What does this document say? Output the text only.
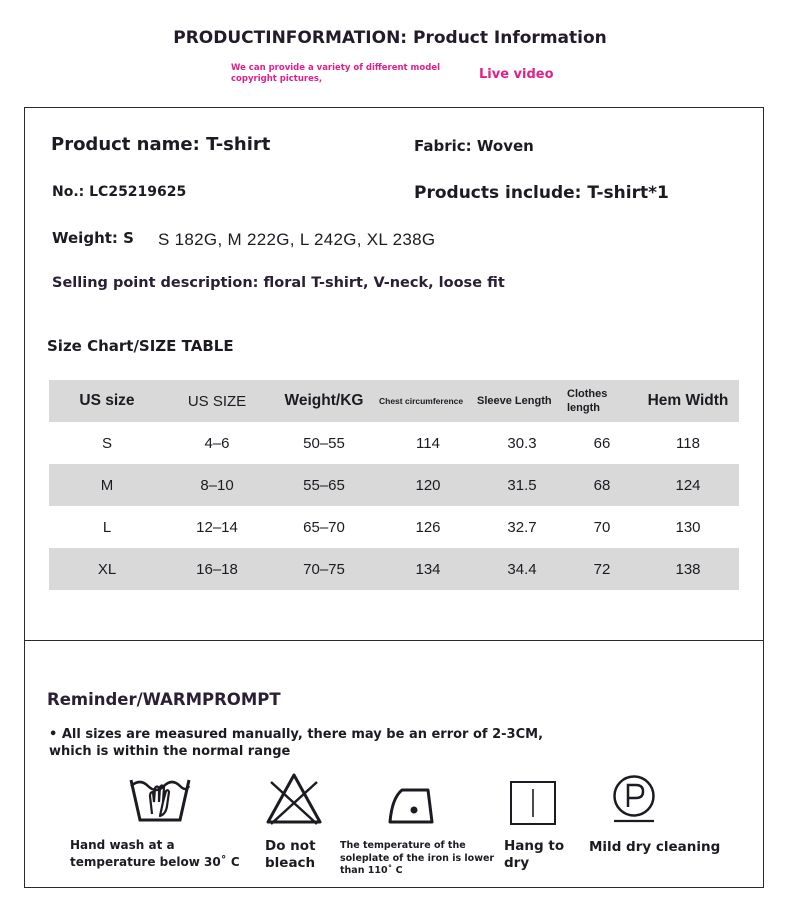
PRODUCTINFORMATION: Product Information
We can provide a variety of different model copyright pictures,	Live video
Product name: T-shirt	Fabric: Woven
No.: LC25219625	Products include: T-shirt*1
Weight: S S 182G, M 222G, L 242G, XL 238G
Selling point description: floral T-shirt, V-neck, loose fit
Size Chart/SIZE TABLE
US size	US SIZE	Weight/KG	Chest circumference	Sleeve Length	Clothes length	Hem Width
S	4–6	50–55	114	30.3	66	118
M	8–10	55–65	120	31.5	68	124
L	12–14	65–70	126	32.7	70	130
XL	16–18	70–75	134	34.4	72	138
Reminder/WARMPROMPT
• All sizes are measured manually, there may be an error of 2-3CM, which is within the normal range
Hand wash at a temperature below 30˚ C
Do not bleach
The temperature of the soleplate of the iron is lower than 110˚ C
Hang to dry
Mild dry cleaning
